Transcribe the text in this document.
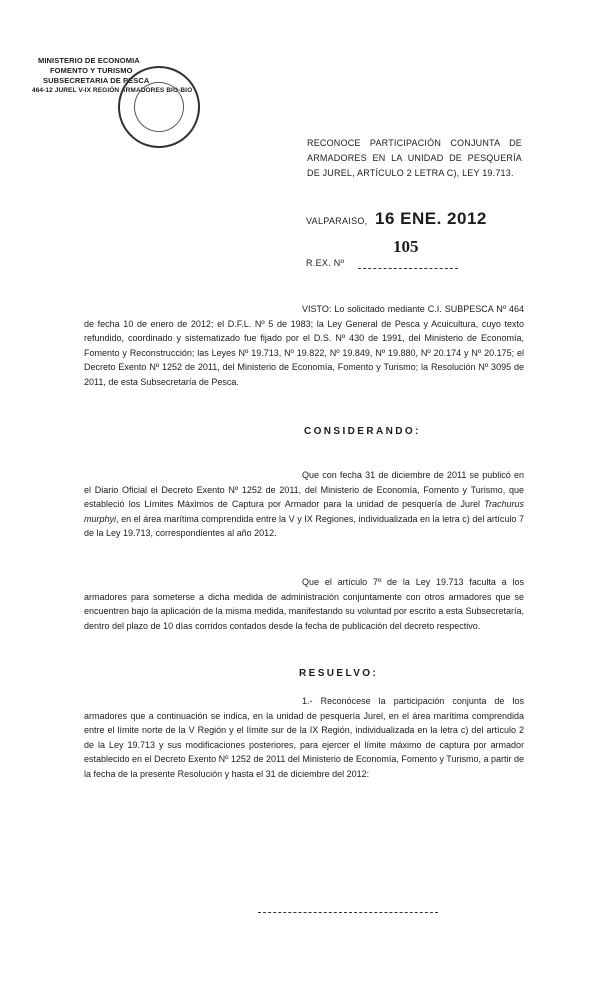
MINISTERIO DE ECONOMIA
FOMENTO Y TURISMO
SUBSECRETARIA DE PESCA
464-12 JUREL V-IX REGIÓN ARMADORES BIO-BIO
RECONOCE PARTICIPACIÓN CONJUNTA DE ARMADORES EN LA UNIDAD DE PESQUERÍA DE JUREL, ARTÍCULO 2 LETRA C), LEY 19.713.
VALPARAISO, 16 ENE. 2012
105
R.EX. Nº
VISTO: Lo solicitado mediante C.I. SUBPESCA Nº 464 de fecha 10 de enero de 2012; el D.F.L. Nº 5 de 1983; la Ley General de Pesca y Acuicultura, cuyo texto refundido, coordinado y sistematizado fue fijado por el D.S. Nº 430 de 1991, del Ministerio de Economía, Fomento y Reconstrucción; las Leyes Nº 19.713, Nº 19.822, Nº 19.849, Nº 19.880, Nº 20.174 y Nº 20.175; el Decreto Exento Nº 1252 de 2011, del Ministerio de Economía, Fomento y Turismo; la Resolución Nº 3095 de 2011, de esta Subsecretaría de Pesca.
CONSIDERANDO:
Que con fecha 31 de diciembre de 2011 se publicó en el Diario Oficial el Decreto Exento Nº 1252 de 2011, del Ministerio de Economía, Fomento y Turismo, que estableció los Límites Máximos de Captura por Armador para la unidad de pesquería de Jurel Trachurus murphyi, en el área marítima comprendida entre la V y IX Regiones, individualizada en la letra c) del artículo 7 de la Ley 19.713, correspondientes al año 2012.
Que el artículo 7º de la Ley 19.713 faculta a los armadores para someterse a dicha medida de administración conjuntamente con otros armadores que se encuentren bajo la aplicación de la misma medida, manifestando su voluntad por escrito a esta Subsecretaría, dentro del plazo de 10 días corridos contados desde la fecha de publicación del decreto respectivo.
RESUELVO:
1.- Reconócese la participación conjunta de los armadores que a continuación se indica, en la unidad de pesquería Jurel, en el área marítima comprendida entre el límite norte de la V Región y el límite sur de la IX Región, individualizada en la letra c) del artículo 2 de la Ley 19.713 y sus modificaciones posteriores, para ejercer el límite máximo de captura por armador establecido en el Decreto Exento Nº 1252 de 2011 del Ministerio de Economía, Fomento y Turismo, a partir de la fecha de la presente Resolución y hasta el 31 de diciembre del 2012:
